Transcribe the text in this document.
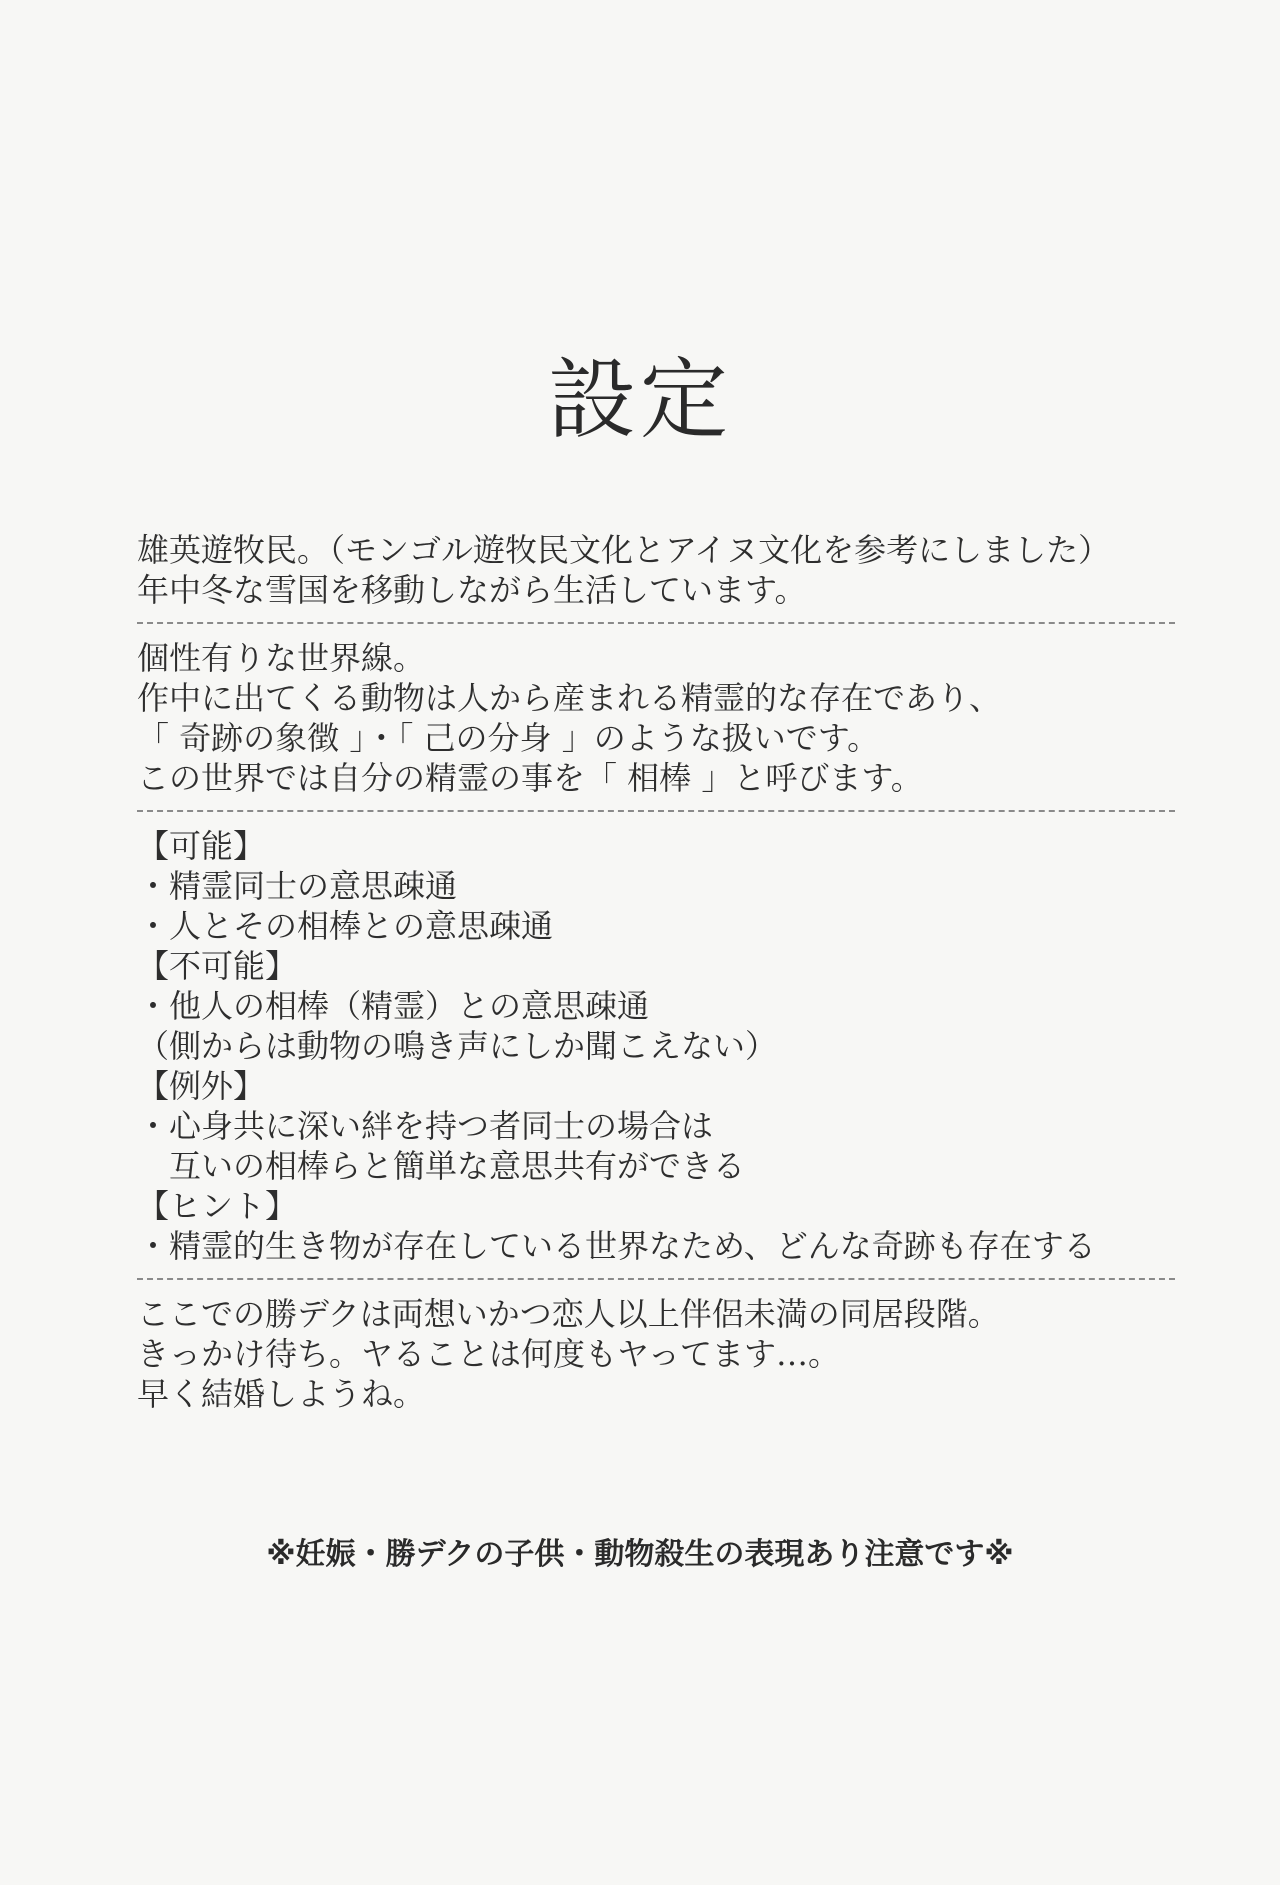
設定
雄英遊牧民。（モンゴル遊牧民文化とアイヌ文化を参考にしました）
年中冬な雪国を移動しながら生活しています。
個性有りな世界線。
作中に出てくる動物は人から産まれる精霊的な存在であり、
「 奇跡の象徴 」・「 己の分身 」のような扱いです。
この世界では自分の精霊の事を「 相棒 」と呼びます。
【可能】
・精霊同士の意思疎通
・人とその相棒との意思疎通
【不可能】
・他人の相棒（精霊）との意思疎通
（側からは動物の鳴き声にしか聞こえない）
【例外】
・心身共に深い絆を持つ者同士の場合は
　互いの相棒らと簡単な意思共有ができる
【ヒント】
・精霊的生き物が存在している世界なため、どんな奇跡も存在する
ここでの勝デクは両想いかつ恋人以上伴侶未満の同居段階。
きっかけ待ち。ヤることは何度もヤってます…。
早く結婚しようね。
※妊娠・勝デクの子供・動物殺生の表現あり注意です※
